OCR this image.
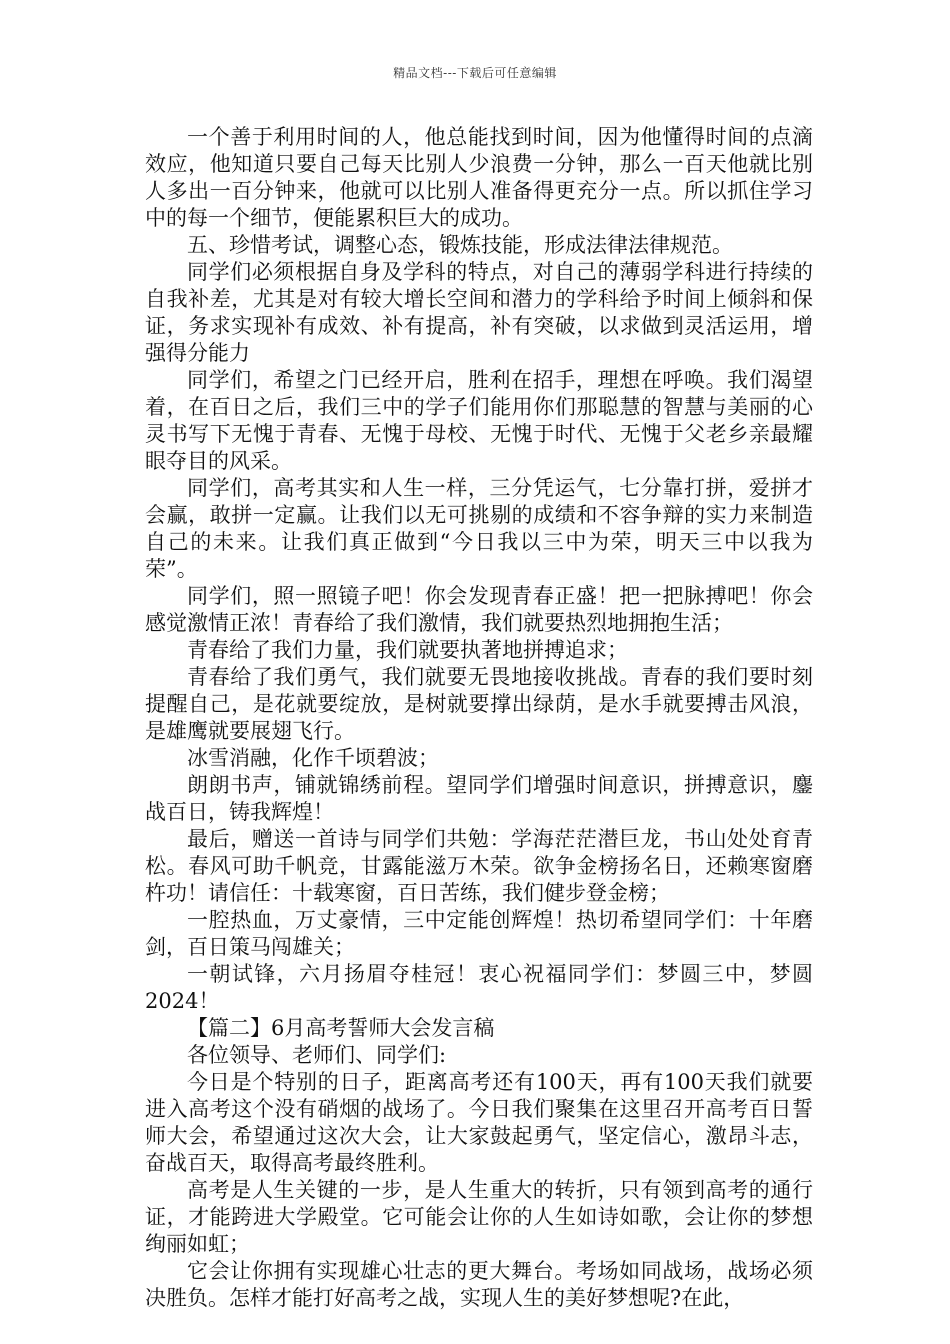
精品文档---下载后可任意编辑

一个善于利用时间的人，他总能找到时间，因为他懂得时间的点滴效应，他知道只要自己每天比别人少浪费一分钟，那么一百天他就比别人多出一百分钟来，他就可以比别人准备得更充分一点。所以抓住学习中的每一个细节，便能累积巨大的成功。

五、珍惜考试，调整心态，锻炼技能，形成法律法律规范。

同学们必须根据自身及学科的特点，对自己的薄弱学科进行持续的自我补差，尤其是对有较大增长空间和潜力的学科给予时间上倾斜和保证，务求实现补有成效、补有提高，补有突破，以求做到灵活运用，增强得分能力

同学们，希望之门已经开启，胜利在招手，理想在呼唤。我们渴望着，在百日之后，我们三中的学子们能用你们那聪慧的智慧与美丽的心灵书写下无愧于青春、无愧于母校、无愧于时代、无愧于父老乡亲最耀眼夺目的风采。

同学们，高考其实和人生一样，三分凭运气，七分靠打拼，爱拼才会赢，敢拼一定赢。让我们以无可挑剔的成绩和不容争辩的实力来制造自己的未来。让我们真正做到“今日我以三中为荣，明天三中以我为荣”。

同学们，照一照镜子吧！你会发现青春正盛！把一把脉搏吧！你会感觉激情正浓！青春给了我们激情，我们就要热烈地拥抱生活；

青春给了我们力量，我们就要执著地拼搏追求；

青春给了我们勇气，我们就要无畏地接收挑战。青春的我们要时刻提醒自己，是花就要绽放，是树就要撑出绿荫，是水手就要搏击风浪，是雄鹰就要展翅飞行。

冰雪消融，化作千顷碧波；

朗朗书声，铺就锦绣前程。望同学们增强时间意识，拼搏意识，鏖战百日，铸我辉煌！

最后，赠送一首诗与同学们共勉：学海茫茫潜巨龙，书山处处育青松。春风可助千帆竞，甘露能滋万木荣。欲争金榜扬名日，还赖寒窗磨杵功！请信任：十载寒窗，百日苦练，我们健步登金榜；

一腔热血，万丈豪情，三中定能创辉煌！热切希望同学们：十年磨剑，百日策马闯雄关；

一朝试锋，六月扬眉夺桂冠！衷心祝福同学们：梦圆三中，梦圆2024！

【篇二】6月高考誓师大会发言稿

各位领导、老师们、同学们:

今日是个特别的日子，距离高考还有100天，再有100天我们就要进入高考这个没有硝烟的战场了。今日我们聚集在这里召开高考百日誓师大会，希望通过这次大会，让大家鼓起勇气，坚定信心，激昂斗志，奋战百天，取得高考最终胜利。

高考是人生关键的一步，是人生重大的转折，只有领到高考的通行证，才能跨进大学殿堂。它可能会让你的人生如诗如歌，会让你的梦想绚丽如虹；

它会让你拥有实现雄心壮志的更大舞台。考场如同战场，战场必须决胜负。怎样才能打好高考之战，实现人生的美好梦想呢?在此，
